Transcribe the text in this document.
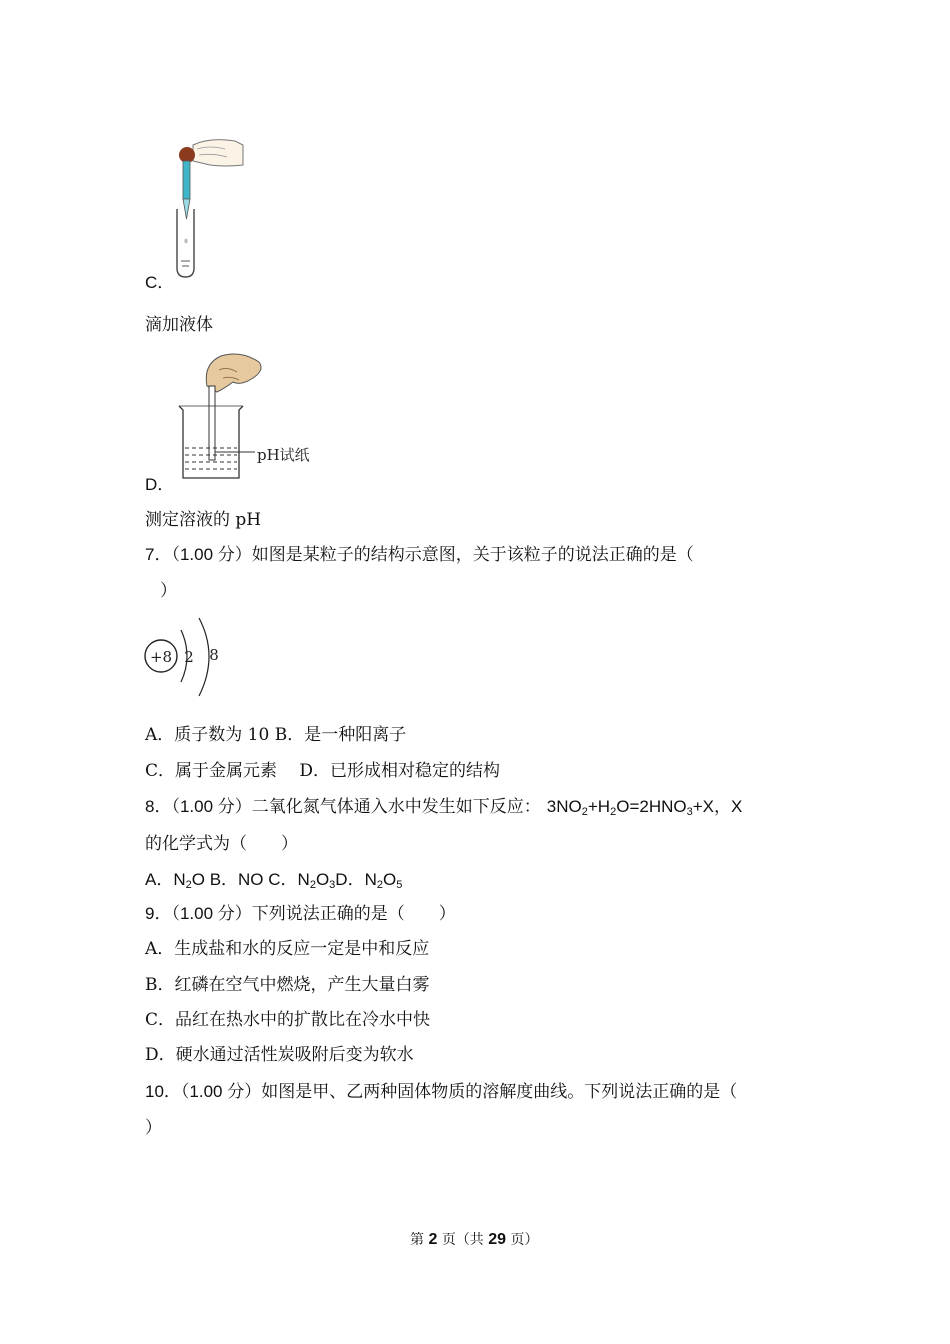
C．
滴加液体
pH试纸
D．
测定溶液的 pH
7．（1.00 分）如图是某粒子的结构示意图，关于该粒子的说法正确的是（
）
+8 2 8
A．质子数为 10 B．是一种阳离子
C．属于金属元素　 D．已形成相对稳定的结构
8．（1.00 分）二氧化氮气体通入水中发生如下反应： $3NO_2+H_2O=2HNO_3+X$，X
的化学式为（　　）
A．$N_2O$ B．NO C．$N_2O_3D$．$N_2O_5$
9．（1.00 分）下列说法正确的是（　　）
A．生成盐和水的反应一定是中和反应
B．红磷在空气中燃烧，产生大量白雾
C．品红在热水中的扩散比在冷水中快
D．硬水通过活性炭吸附后变为软水
10．（1.00 分）如图是甲、乙两种固体物质的溶解度曲线。下列说法正确的是（
）
第 2 页（共 29 页）
